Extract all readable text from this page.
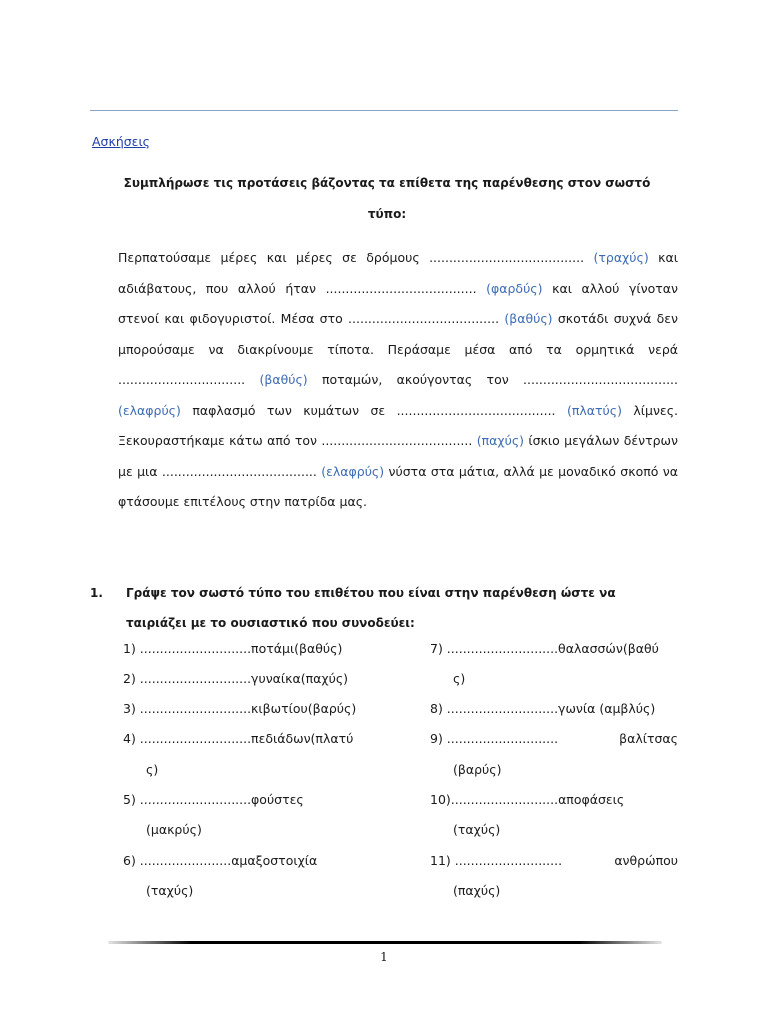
Ασκήσεις
Συμπλήρωσε τις προτάσεις βάζοντας τα επίθετα της παρένθεσης στον σωστό
τύπο:
Περπατούσαμε μέρες και μέρες σε δρόμους ....................................... (τραχύς) και αδιάβατους, που αλλού ήταν ...................................... (φαρδύς) και αλλού γίνοταν στενοί και φιδογυριστοί. Μέσα στο ...................................... (βαθύς) σκοτάδι συχνά δεν μπορούσαμε να διακρίνουμε τίποτα. Περάσαμε μέσα από τα ορμητικά νερά ................................ (βαθύς) ποταμών, ακούγοντας τον ....................................... (ελαφρύς) παφλασμό των κυμάτων σε ........................................ (πλατύς) λίμνες. Ξεκουραστήκαμε κάτω από τον ...................................... (παχύς) ίσκιο μεγάλων δέντρων με μια ....................................... (ελαφρύς) νύστα στα μάτια, αλλά με μοναδικό σκοπό να φτάσουμε επιτέλους στην πατρίδα μας.
1. Γράψε τον σωστό τύπο του επιθέτου που είναι στην παρένθεση ώστε να
ταιριάζει με το ουσιαστικό που συνοδεύει:
1) ............................ποτάμι(βαθύς)
2) ............................γυναίκα(παχύς)
3) ............................κιβωτίου(βαρύς)
4) ............................πεδιάδων(πλατύ
ς)
5) ............................φούστες
(μακρύς)
6) .......................αμαξοστοιχία
(ταχύς)
7) ............................θαλασσών(βαθύ
ς)
8) ............................γωνία (αμβλύς)
9) ............................	βαλίτσας
(βαρύς)
10)...........................αποφάσεις
(ταχύς)
11) ...........................	ανθρώπου
(παχύς)
1
